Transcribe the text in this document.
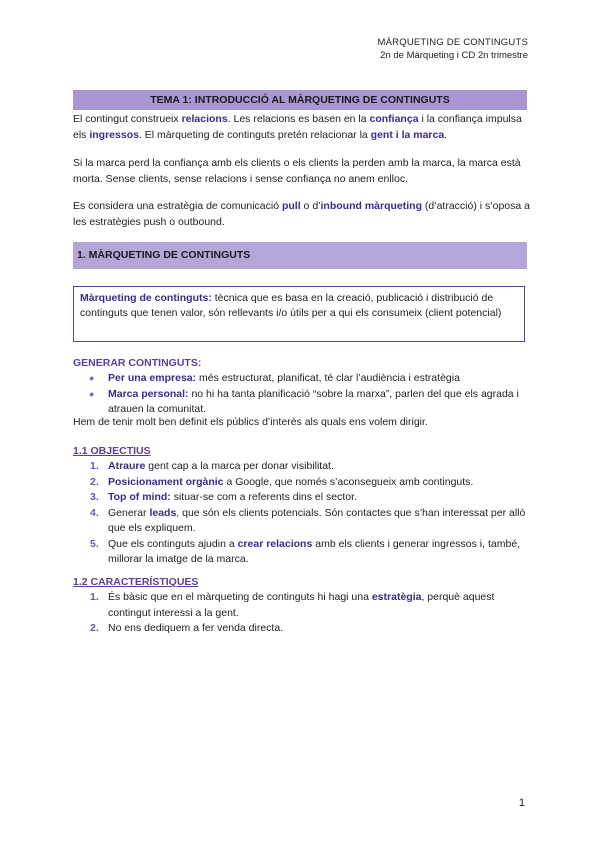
MÀRQUETING DE CONTINGUTS
2n de Màrqueting i CD 2n trimestre
TEMA 1: INTRODUCCIÓ AL MÀRQUETING DE CONTINGUTS
El contingut construeix relacions. Les relacions es basen en la confiança i la confiança impulsa els ingressos. El màrqueting de continguts pretén relacionar la gent i la marca.
Si la marca perd la confiança amb els clients o els clients la perden amb la marca, la marca està morta. Sense clients, sense relacions i sense confiança no anem enlloc.
Es considera una estratègia de comunicació pull o d’inbound màrqueting (d’atracció) i s’oposa a les estratègies push o outbound.
1. MÀRQUETING DE CONTINGUTS
Màrqueting de continguts: tècnica que es basa en la creació, publicació i distribució de continguts que tenen valor, són rellevants i/o útils per a qui els consumeix (client potencial)
GENERAR CONTINGUTS:
● Per una empresa: més estructurat, planificat, té clar l’audiència i estratègia
● Marca personal: no hi ha tanta planificació “sobre la marxa”, parlen del que els agrada i atrauen la comunitat.
Hem de tenir molt ben definit els públics d’interès als quals ens volem dirigir.
1.1 OBJECTIUS
1. Atraure gent cap a la marca per donar visibilitat.
2. Posicionament orgànic a Google, que només s’aconsegueix amb continguts.
3. Top of mind: situar-se com a referents dins el sector.
4. Generar leads, que són els clients potencials. Són contactes que s’han interessat per allò que els expliquem.
5. Que els continguts ajudin a crear relacions amb els clients i generar ingressos i, també, millorar la imatge de la marca.
1.2 CARACTERÍSTIQUES
1. És bàsic que en el màrqueting de continguts hi hagi una estratègia, perquè aquest contingut interessi a la gent.
2. No ens dediquem a fer venda directa.
1
